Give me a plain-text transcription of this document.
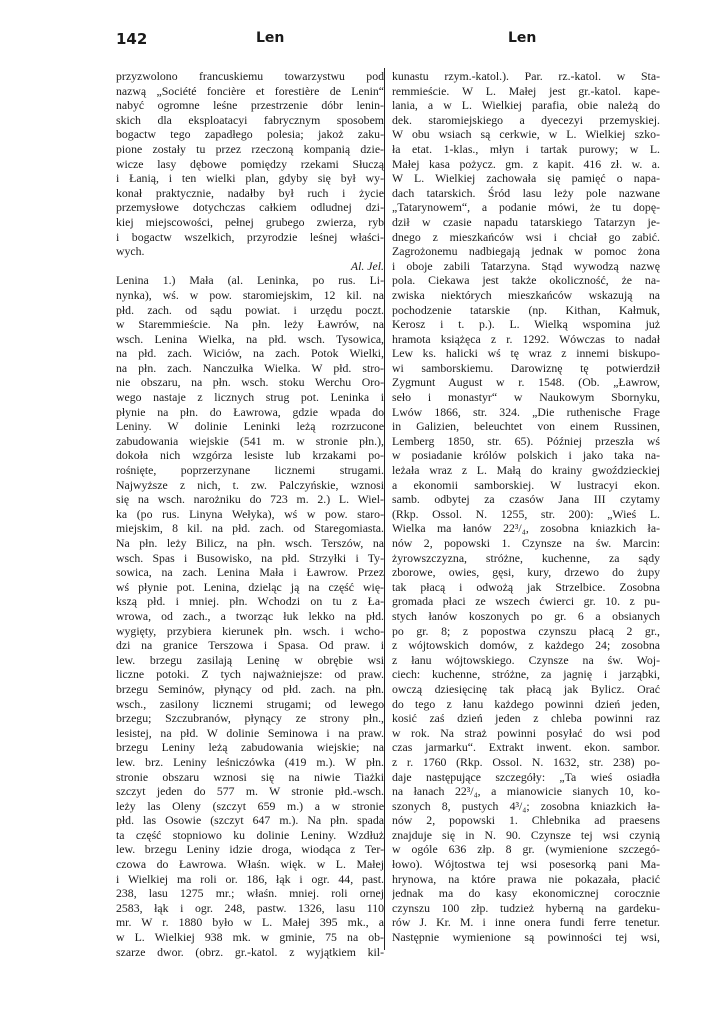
142	Len	Len
przyzwolono francuskiemu towarzystwu pod
nazwą „Société foncière et forestière de Lenin“
nabyć ogromne leśne przestrzenie dóbr lenin-
skich dla eksploatacyi fabrycznym sposobem
bogactw tego zapadłego polesia; jakoż zaku-
pione zostały tu przez rzeczoną kompanią dzie-
wicze lasy dębowe pomiędzy rzekami Słuczą
i Łanią, i ten wielki plan, gdyby się był wy-
konał praktycznie, nadałby był ruch i życie
przemysłowe dotychczas całkiem odludnej dzi-
kiej miejscowości, pełnej grubego zwierza, ryb
i bogactw wszelkich, przyrodzie leśnej właści-
wych.
Al. Jel.
Lenina 1.) Mała (al. Leninka, po rus. Li-
nynka), wś. w pow. staromiejskim, 12 kil. na
płd. zach. od sądu powiat. i urzędu poczt.
w Staremmieście. Na płn. leży Ławrów, na
wsch. Lenina Wielka, na płd. wsch. Tysowica,
na płd. zach. Wiciów, na zach. Potok Wielki,
na płn. zach. Nanczułka Wielka. W płd. stro-
nie obszaru, na płn. wsch. stoku Werchu Oro-
wego nastaje z licznych strug pot. Leninka i
płynie na płn. do Ławrowa, gdzie wpada do
Leniny. W dolinie Leninki leżą rozrzucone
zabudowania wiejskie (541 m. w stronie płn.),
dokoła nich wzgórza lesiste lub krzakami po-
rośnięte, poprzerzynane licznemi strugami.
Najwyższe z nich, t. zw. Palczyńskie, wznosi
się na wsch. narożniku do 723 m. 2.) L. Wiel-
ka (po rus. Linyna Wełyka), wś w pow. staro-
miejskim, 8 kil. na płd. zach. od Staregomiasta.
Na płn. leży Bilicz, na płn. wsch. Terszów, na
wsch. Spas i Busowisko, na płd. Strzyłki i Ty-
sowica, na zach. Lenina Mała i Ławrow. Przez
wś płynie pot. Lenina, dzieląc ją na część wię-
kszą płd. i mniej. płn. Wchodzi on tu z Ła-
wrowa, od zach., a tworząc łuk lekko na płd.
wygięty, przybiera kierunek płn. wsch. i wcho-
dzi na granice Terszowa i Spasa. Od praw. i
lew. brzegu zasilają Leninę w obrębie wsi
liczne potoki. Z tych najważniejsze: od praw.
brzegu Seminów, płynący od płd. zach. na płn.
wsch., zasilony licznemi strugami; od lewego
brzegu; Szczubranów, płynący ze strony płn.,
lesistej, na płd. W dolinie Seminowa i na praw.
brzegu Leniny leżą zabudowania wiejskie; na
lew. brz. Leniny leśniczówka (419 m.). W płn.
stronie obszaru wznosi się na niwie Tiażki
szczyt jeden do 577 m. W stronie płd.-wsch.
leży las Oleny (szczyt 659 m.) a w stronie
płd. las Osowie (szczyt 647 m.). Na płn. spada
ta część stopniowo ku dolinie Leniny. Wzdłuż
lew. brzegu Leniny idzie droga, wiodąca z Ter-
czowa do Ławrowa. Właśn. więk. w L. Małej
i Wielkiej ma roli or. 186, łąk i ogr. 44, past.
238, lasu 1275 mr.; właśn. mniej. roli ornej
2583, łąk i ogr. 248, pastw. 1326, lasu 110
mr. W r. 1880 było w L. Małej 395 mk., a
w L. Wielkiej 938 mk. w gminie, 75 na ob-
szarze dwor. (obrz. gr.-katol. z wyjątkiem kil-
kunastu rzym.-katol.). Par. rz.-katol. w Sta-
remmieście. W L. Małej jest gr.-katol. kape-
lania, a w L. Wielkiej parafia, obie należą do
dek. staromiejskiego a dyecezyi przemyskiej.
W obu wsiach są cerkwie, w L. Wielkiej szko-
ła etat. 1-klas., młyn i tartak purowy; w L.
Małej kasa pożycz. gm. z kapit. 416 zł. w. a.
W L. Wielkiej zachowała się pamięć o napa-
dach tatarskich. Śród lasu leży pole nazwane
„Tatarynowem“, a podanie mówi, że tu dopę-
dził w czasie napadu tatarskiego Tatarzyn je-
dnego z mieszkańców wsi i chciał go zabić.
Zagrożonemu nadbiegają jednak w pomoc żona
i oboje zabili Tatarzyna. Stąd wywodzą nazwę
pola. Ciekawa jest także okoliczność, że na-
zwiska niektórych mieszkańców wskazują na
pochodzenie tatarskie (np. Kithan, Kałmuk,
Kerosz i t. p.). L. Wielką wspomina już
hramota książęca z r. 1292. Wówczas to nadał
Lew ks. halicki wś tę wraz z innemi biskupo-
wi samborskiemu. Darowiznę tę potwierdził
Zygmunt August w r. 1548. (Ob. „Ławrow,
seło i monastyr“ w Naukowym Sbornyku,
Lwów 1866, str. 324. „Die ruthenische Frage
in Galizien, beleuchtet von einem Russinen,
Lemberg 1850, str. 65). Później przeszła wś
w posiadanie królów polskich i jako taka na-
leżała wraz z L. Małą do krainy gwoździeckiej
a ekonomii samborskiej. W lustracyi ekon.
samb. odbytej za czasów Jana III czytamy
(Rkp. Ossol. N. 1255, str. 200): „Wieś L.
Wielka ma łanów 22³/₄, zosobna kniazkich ła-
nów 2, popowski 1. Czynsze na św. Marcin:
żyrowszczyzna, stróżne, kuchenne, za sądy
zborowe, owies, gęsi, kury, drzewo do żupy
tak płacą i odwożą jak Strzelbice. Zosobna
gromada płaci ze wszech ćwierci gr. 10. z pu-
stych łanów koszonych po gr. 6 a obsianych
po gr. 8; z popostwa czynszu płacą 2 gr.,
z wójtowskich domów, z każdego 24; zosobna
z łanu wójtowskiego. Czynsze na św. Woj-
ciech: kuchenne, stróżne, za jagnię i jarząbki,
owczą dziesięcinę tak płacą jak Bylicz. Orać
do tego z łanu każdego powinni dzień jeden,
kosić zaś dzień jeden z chleba powinni raz
w rok. Na straż powinni posyłać do wsi pod
czas jarmarku“. Extrakt inwent. ekon. sambor.
z r. 1760 (Rkp. Ossol. N. 1632, str. 238) po-
daje następujące szczegóły: „Ta wieś osiadła
na łanach 22³/₄, a mianowicie sianych 10, ko-
szonych 8, pustych 4³/₄; zosobna kniazkich ła-
nów 2, popowski 1. Chlebnika ad praesens
znajduje się in N. 90. Czynsze tej wsi czynią
w ogóle 636 złp. 8 gr. (wymienione szczegó-
łowo). Wójtostwa tej wsi posesorką pani Ma-
hrynowa, na które prawa nie pokazała, płacić
jednak ma do kasy ekonomicznej corocznie
czynszu 100 złp. tudzież hyberną na gardeku-
rów J. Kr. M. i inne onera fundi ferre tenetur.
Następnie wymienione są powinności tej wsi,
